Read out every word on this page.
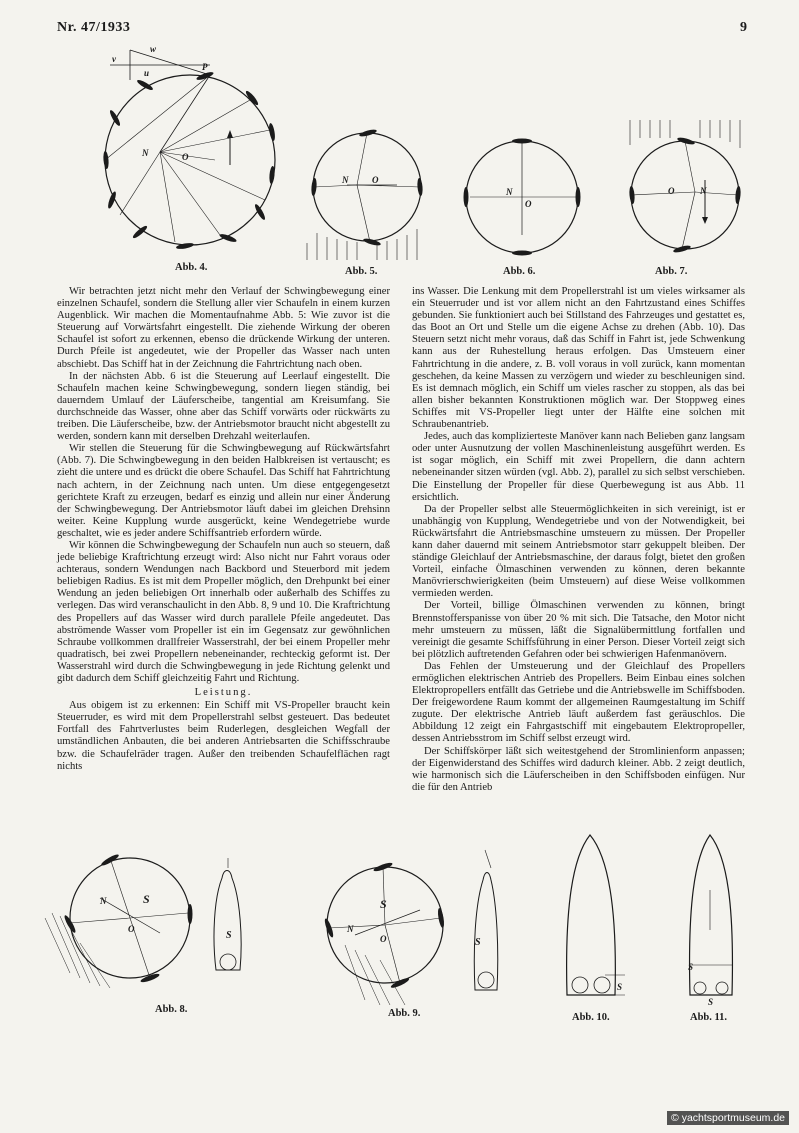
Nr. 47/1933	9
v
w
u
P
N	O
Abb. 4.
N	O
Abb. 5.
N
O
Abb. 6.
O	N
Abb. 7.

Wir betrachten jetzt nicht mehr den Verlauf der Schwingbewegung einer einzelnen Schaufel, sondern die Stellung aller vier Schaufeln in einem kurzen Augenblick. Wir machen die Momentaufnahme Abb. 5: Wie zuvor ist die Steuerung auf Vorwärtsfahrt eingestellt. Die ziehende Wirkung der oberen Schaufel ist sofort zu erkennen, ebenso die drückende Wirkung der unteren. Durch Pfeile ist angedeutet, wie der Propeller das Wasser nach unten abschiebt. Das Schiff hat in der Zeichnung die Fahrtrichtung nach oben.

In der nächsten Abb. 6 ist die Steuerung auf Leerlauf eingestellt. Die Schaufeln machen keine Schwingbewegung, sondern liegen ständig, bei dauerndem Umlauf der Läuferscheibe, tangential am Kreisumfang. Sie durchschneide das Wasser, ohne aber das Schiff vorwärts oder rückwärts zu treiben. Die Läuferscheibe, bzw. der Antriebsmotor braucht nicht abgestellt zu werden, sondern kann mit derselben Drehzahl weiterlaufen.

Wir stellen die Steuerung für die Schwingbewegung auf Rückwärtsfahrt (Abb. 7). Die Schwingbewegung in den beiden Halbkreisen ist vertauscht; es zieht die untere und es drückt die obere Schaufel. Das Schiff hat Fahrtrichtung nach achtern, in der Zeichnung nach unten. Um diese entgegengesetzt gerichtete Kraft zu erzeugen, bedarf es einzig und allein nur einer Änderung der Schwingbewegung. Der Antriebsmotor läuft dabei im gleichen Drehsinn weiter. Keine Kupplung wurde ausgerückt, keine Wendegetriebe wurde geschaltet, wie es jeder andere Schiffsantrieb erfordern würde.

Wir können die Schwingbewegung der Schaufeln nun auch so steuern, daß jede beliebige Kraftrichtung erzeugt wird: Also nicht nur Fahrt voraus oder achteraus, sondern Wendungen nach Backbord und Steuerbord mit jedem beliebigen Radius. Es ist mit dem Propeller möglich, den Drehpunkt bei einer Wendung an jeden beliebigen Ort innerhalb oder außerhalb des Schiffes zu verlegen. Das wird veranschaulicht in den Abb. 8, 9 und 10. Die Kraftrichtung des Propellers auf das Wasser wird durch parallele Pfeile angedeutet. Das abströmende Wasser vom Propeller ist ein im Gegensatz zur gewöhnlichen Schraube vollkommen drallfreier Wasserstrahl, der bei einem Propeller mehr quadratisch, bei zwei Propellern nebeneinander, rechteckig geformt ist. Der Wasserstrahl wird durch die Schwingbewegung in jede Richtung gelenkt und gibt dadurch dem Schiff gleichzeitig Fahrt und Richtung.

Leistung.

Aus obigem ist zu erkennen: Ein Schiff mit VS-Propeller braucht kein Steuerruder, es wird mit dem Propellerstrahl selbst gesteuert. Das bedeutet Fortfall des Fahrtverlustes beim Ruderlegen, desgleichen Wegfall der umständlichen Anbauten, die bei anderen Antriebsarten die Schiffsschraube bzw. die Schaufelräder tragen. Außer den treibenden Schaufelflächen ragt nichts

ins Wasser. Die Lenkung mit dem Propellerstrahl ist um vieles wirksamer als ein Steuerruder und ist vor allem nicht an den Fahrtzustand eines Schiffes gebunden. Sie funktioniert auch bei Stillstand des Fahrzeuges und gestattet es, das Boot an Ort und Stelle um die eigene Achse zu drehen (Abb. 10). Das Steuern setzt nicht mehr voraus, daß das Schiff in Fahrt ist, jede Schwenkung kann aus der Ruhestellung heraus erfolgen. Das Umsteuern einer Fahrtrichtung in die andere, z. B. voll voraus in voll zurück, kann momentan geschehen, da keine Massen zu verzögern und wieder zu beschleunigen sind. Es ist demnach möglich, ein Schiff um vieles rascher zu stoppen, als das bei allen bisher bekannten Konstruktionen möglich war. Der Stoppweg eines Schiffes mit VS-Propeller liegt unter der Hälfte eine solchen mit Schraubenantrieb.

Jedes, auch das komplizierteste Manöver kann nach Belieben ganz langsam oder unter Ausnutzung der vollen Maschinenleistung ausgeführt werden. Es ist sogar möglich, ein Schiff mit zwei Propellern, die dann achtern nebeneinander sitzen würden (vgl. Abb. 2), parallel zu sich selbst verschieben. Die Einstellung der Propeller für diese Querbewegung ist aus Abb. 11 ersichtlich.

Da der Propeller selbst alle Steuermöglichkeiten in sich vereinigt, ist er unabhängig von Kupplung, Wendegetriebe und von der Notwendigkeit, bei Rückwärtsfahrt die Antriebsmaschine umsteuern zu müssen. Der Propeller kann daher dauernd mit seinem Antriebsmotor starr gekuppelt bleiben. Der ständige Gleichlauf der Antriebsmaschine, der daraus folgt, bietet den großen Vorteil, einfache Ölmaschinen verwenden zu können, deren bekannte Manövrierschwierigkeiten (beim Umsteuern) auf diese Weise vollkommen vermieden werden.

Der Vorteil, billige Ölmaschinen verwenden zu können, bringt Brennstofferspanisse von über 20 % mit sich. Die Tatsache, den Motor nicht mehr umsteuern zu müssen, läßt die Signalübermittlung fortfallen und vereinigt die gesamte Schiffsführung in einer Person. Dieser Vorteil zeigt sich bei plötzlich auftretenden Gefahren oder bei schwierigen Hafenmanövern.

Das Fehlen der Umsteuerung und der Gleichlauf des Propellers ermöglichen elektrischen Antrieb des Propellers. Beim Einbau eines solchen Elektropropellers entfällt das Getriebe und die Antriebswelle im Schiffsboden. Der freigewordene Raum kommt der allgemeinen Raumgestaltung im Schiff zugute. Der elektrische Antrieb läuft außerdem fast geräuschlos. Die Abbildung 12 zeigt ein Fahrgastschiff mit eingebautem Elektropropeller, dessen Antriebsstrom im Schiff selbst erzeugt wird.

Der Schiffskörper läßt sich weitestgehend der Stromlinienform anpassen; der Eigenwiderstand des Schiffes wird dadurch kleiner. Abb. 2 zeigt deutlich, wie harmonisch sich die Läuferscheiben in den Schiffsboden einfügen. Nur die für den Antrieb

N
O
S
S
Abb. 8.
N
O
S
S
Abb. 9.
S
Abb. 10.
S
S
Abb. 11.
© yachtsportmuseum.de
